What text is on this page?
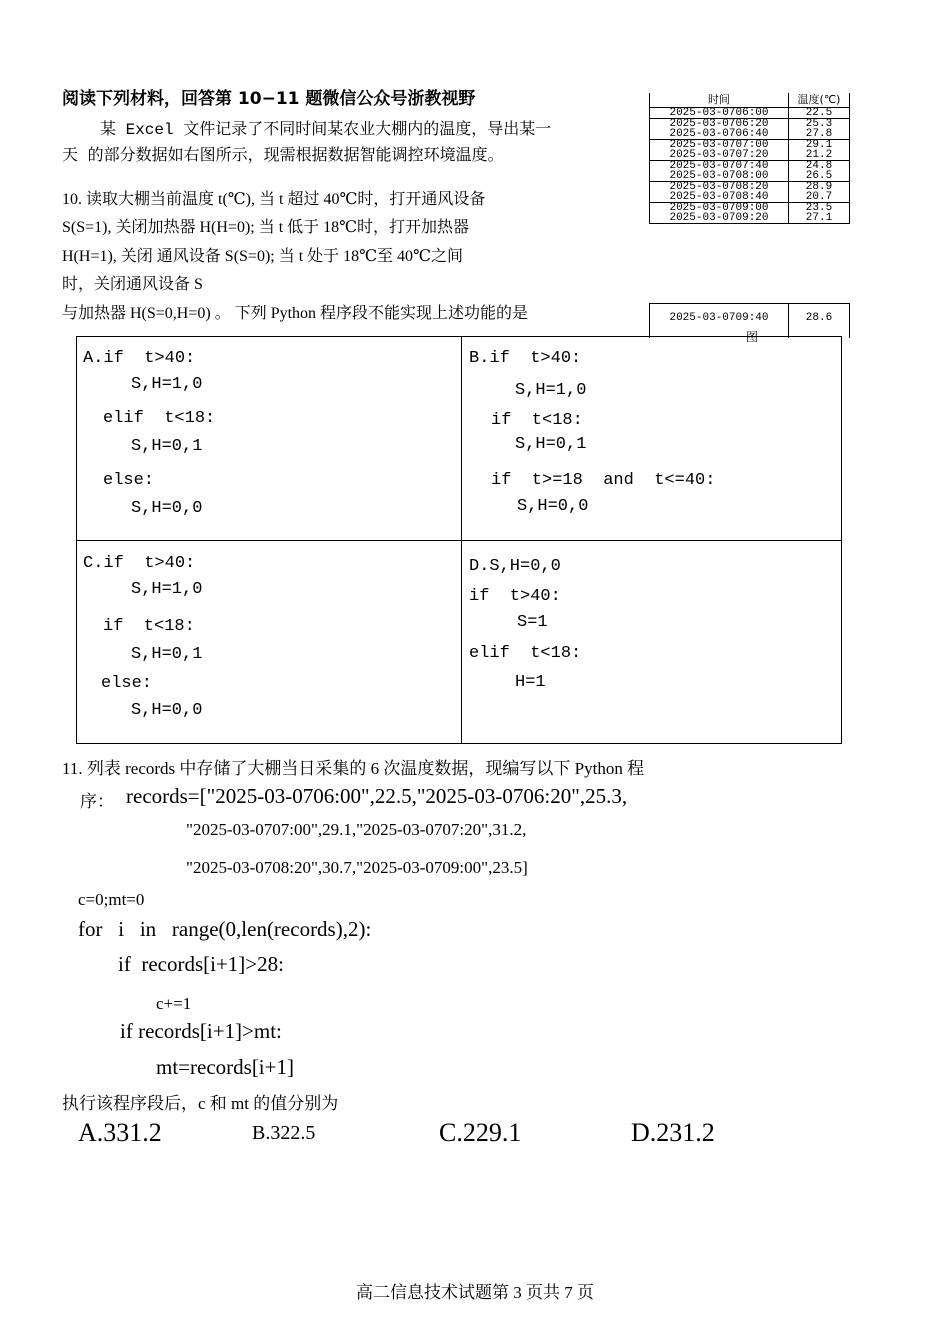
阅读下列材料，回答第 10−11 题微信公众号浙教视野
某 Excel 文件记录了不同时间某农业大棚内的温度，导出某一
天 的部分数据如右图所示，现需根据数据智能调控环境温度。
时间	温度(℃)
2025-03-0706:00	22.5
2025-03-0706:20	25.3
2025-03-0706:40	27.8
2025-03-0707:00	29.1
2025-03-0707:20	21.2
2025-03-0707:40	24.8
2025-03-0708:00	26.5
2025-03-0708:20	28.9
2025-03-0708:40	20.7
2025-03-0709:00	23.5
2025-03-0709:20	27.1
2025-03-0709:40	28.6
图
10. 读取大棚当前温度 t(℃), 当 t 超过 40℃时，打开通风设备
S(S=1), 关闭加热器 H(H=0); 当 t 低于 18℃时，打开加热器
H(H=1), 关闭 通风设备 S(S=0); 当 t 处于 18℃至 40℃之间
时，关闭通风设备 S
与加热器 H(S=0,H=0) 。 下列 Python 程序段不能实现上述功能的是
A.if  t>40:
S,H=1,0
elif  t<18:
S,H=0,1
else:
S,H=0,0
B.if  t>40:
S,H=1,0
if  t<18:
S,H=0,1
if  t>=18  and  t<=40:
S,H=0,0
C.if  t>40:
S,H=1,0
if  t<18:
S,H=0,1
else:
S,H=0,0
D.S,H=0,0
if  t>40:
S=1
elif  t<18:
H=1
11. 列表 records 中存储了大棚当日采集的 6 次温度数据，现编写以下 Python 程
序： records=["2025-03-0706:00",22.5,"2025-03-0706:20",25.3,
"2025-03-0707:00",29.1,"2025-03-0707:20",31.2,
"2025-03-0708:20",30.7,"2025-03-0709:00",23.5]
c=0;mt=0
for   i   in   range(0,len(records),2):
if  records[i+1]>28:
c+=1
if records[i+1]>mt:
mt=records[i+1]
执行该程序段后，c 和 mt 的值分别为
A.331.2	B.322.5	C.229.1	D.231.2
高二信息技术试题第 3 页共 7 页
